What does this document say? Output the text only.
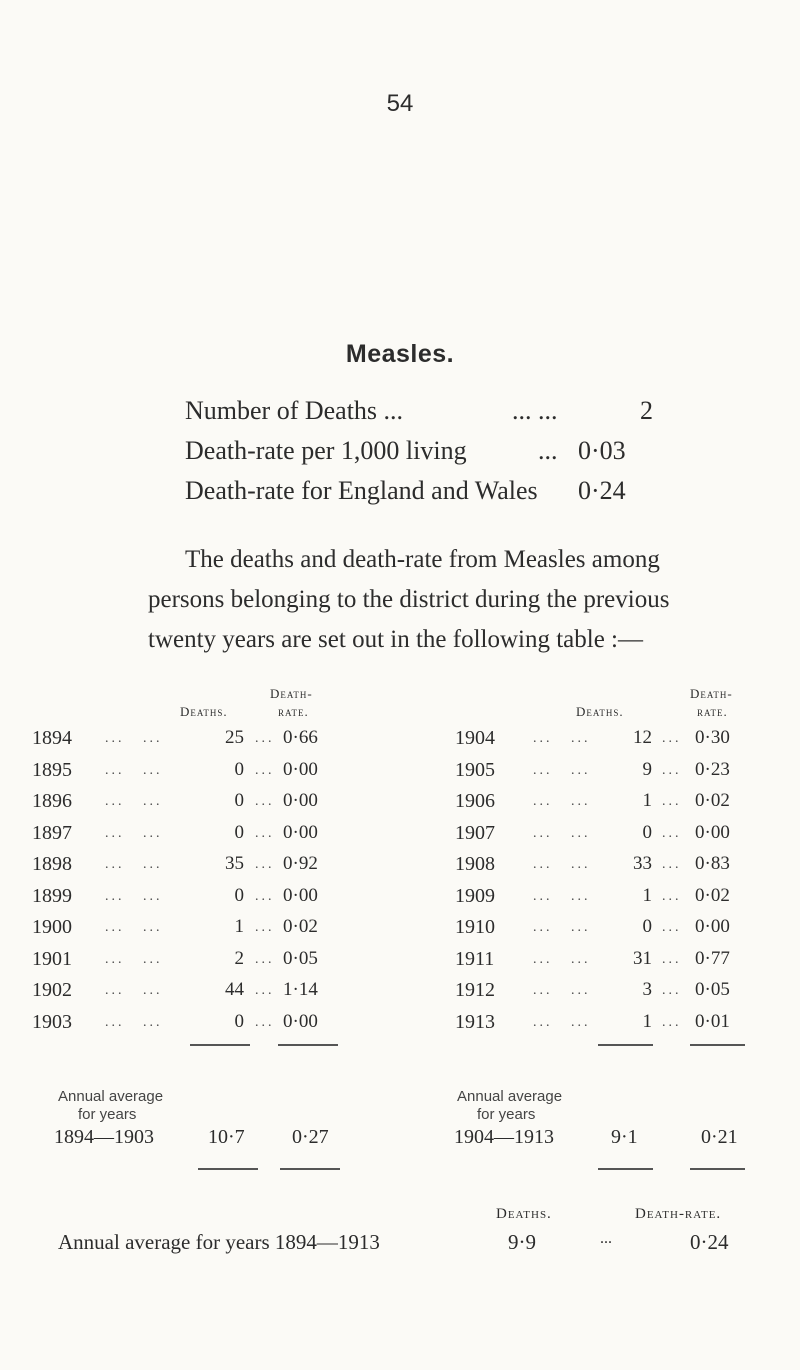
54
Measles.
Number of Deaths ...	... ...	2
Death-rate per 1,000 living	... 0·03
Death-rate for England and Wales 0·24
The deaths and death-rate from Measles among
persons belonging to the district during the previous
twenty years are set out in the following table :—
Death-
Deaths.	rate.
Death-
Deaths.	rate.
1894 ... ...	25 ... 0·66
1895 ... ...	0 ... 0·00
1896 ... ...	0 ... 0·00
1897 ... ...	0 ... 0·00
1898 ... ...	35 ... 0·92
1899 ... ...	0 ... 0·00
1900 ... ...	1 ... 0·02
1901 ... ...	2 ... 0·05
1902 ... ...	44 ... 1·14
1903 ... ...	0 ... 0·00
1904	... ...	12 ... 0·30
1905	... ...	9 ... 0·23
1906	... ...	1 ... 0·02
1907	... ...	0 ... 0·00
1908	... ...	33 ... 0·83
1909	... ...	1 ... 0·02
1910	... ...	0 ... 0·00
1911	... ...	31 ... 0·77
1912	... ...	3 ... 0·05
1913	... ...	1 ... 0·01
Annual average
for years
1894—1903	10·7 0·27
Annual average
for years
1904—1913	9·1	0·21
Deaths.	Death-rate.
Annual average for years 1894—1913	9·9	...	0·24
